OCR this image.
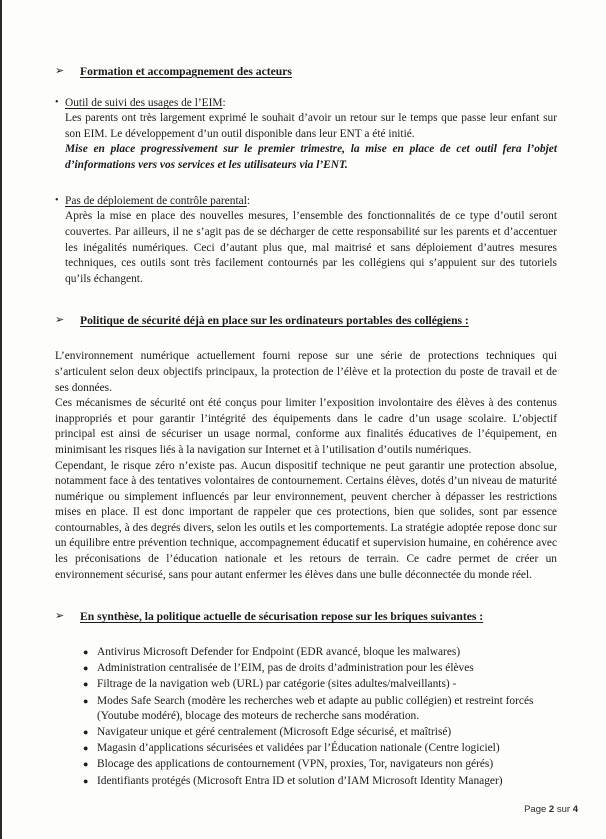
➢ Formation et accompagnement des acteurs

• Outil de suivi des usages de l’EIM:

Les parents ont très largement exprimé le souhait d’avoir un retour sur le temps que passe leur enfant sur son EIM. Le développement d’un outil disponible dans leur ENT a été initié.

Mise en place progressivement sur le premier trimestre, la mise en place de cet outil fera l’objet d’informations vers vos services et les utilisateurs via l’ENT.

• Pas de déploiement de contrôle parental:

Après la mise en place des nouvelles mesures, l’ensemble des fonctionnalités de ce type d’outil seront couvertes. Par ailleurs, il ne s’agit pas de se décharger de cette responsabilité sur les parents et d’accentuer les inégalités numériques. Ceci d’autant plus que, mal maitrisé et sans déploiement d’autres mesures techniques, ces outils sont très facilement contournés par les collégiens qui s’appuient sur des tutoriels qu’ils échangent.

➢ Politique de sécurité déjà en place sur les ordinateurs portables des collégiens :

L’environnement numérique actuellement fourni repose sur une série de protections techniques qui s’articulent selon deux objectifs principaux, la protection de l’élève et la protection du poste de travail et de ses données.

Ces mécanismes de sécurité ont été conçus pour limiter l’exposition involontaire des élèves à des contenus inappropriés et pour garantir l’intégrité des équipements dans le cadre d’un usage scolaire. L’objectif principal est ainsi de sécuriser un usage normal, conforme aux finalités éducatives de l’équipement, en minimisant les risques liés à la navigation sur Internet et à l’utilisation d’outils numériques.

Cependant, le risque zéro n’existe pas. Aucun dispositif technique ne peut garantir une protection absolue, notamment face à des tentatives volontaires de contournement. Certains élèves, dotés d’un niveau de maturité numérique ou simplement influencés par leur environnement, peuvent chercher à dépasser les restrictions mises en place. Il est donc important de rappeler que ces protections, bien que solides, sont par essence contournables, à des degrés divers, selon les outils et les comportements. La stratégie adoptée repose donc sur un équilibre entre prévention technique, accompagnement éducatif et supervision humaine, en cohérence avec les préconisations de l’éducation nationale et les retours de terrain. Ce cadre permet de créer un environnement sécurisé, sans pour autant enfermer les élèves dans une bulle déconnectée du monde réel.

➢ En synthèse, la politique actuelle de sécurisation repose sur les briques suivantes :
● Antivirus Microsoft Defender for Endpoint (EDR avancé, bloque les malwares)
● Administration centralisée de l’EIM, pas de droits d’administration pour les élèves
● Filtrage de la navigation web (URL) par catégorie (sites adultes/malveillants) -
● Modes Safe Search (modère les recherches web et adapte au public collégien) et restreint forcés (Youtube modéré), blocage des moteurs de recherche sans modération.
● Navigateur unique et géré centralement (Microsoft Edge sécurisé, et maîtrisé)
● Magasin d’applications sécurisées et validées par l’Éducation nationale (Centre logiciel)
● Blocage des applications de contournement (VPN, proxies, Tor, navigateurs non gérés)
● Identifiants protégés (Microsoft Entra ID et solution d’IAM Microsoft Identity Manager)
Page 2 sur 4
